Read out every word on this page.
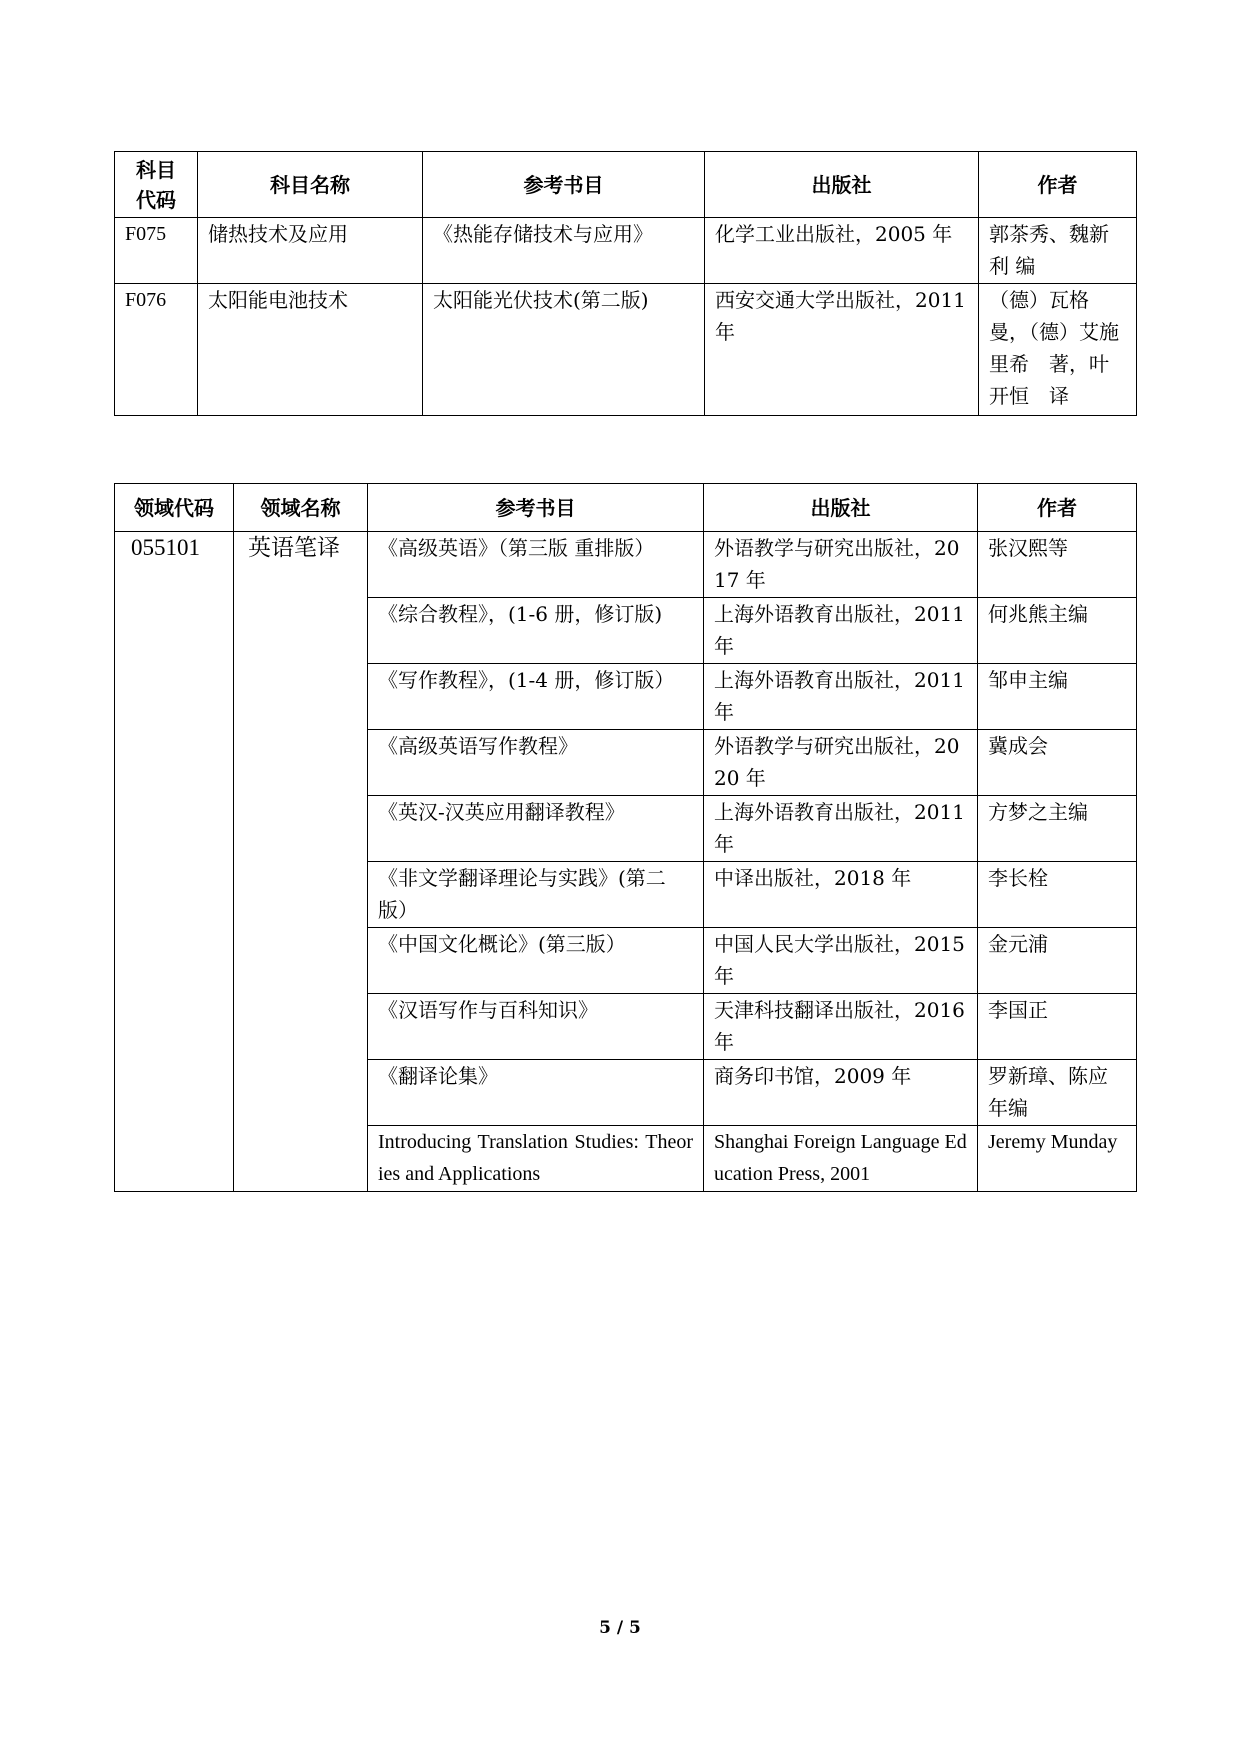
科目代码	科目名称	参考书目	出版社	作者
F075	储热技术及应用	《热能存储技术与应用》	化学工业出版社，2005 年	郭茶秀、魏新利 编
F076	太阳能电池技术	太阳能光伏技术(第二版)	西安交通大学出版社，2011 年	（德）瓦格曼，（德）艾施里希　著，叶开恒　译
领域代码	领域名称	参考书目	出版社	作者
055101	英语笔译	《高级英语》（第三版 重排版）	外语教学与研究出版社，2017 年	张汉熙等
		《综合教程》，(1-6 册，修订版)	上海外语教育出版社，2011 年	何兆熊主编
		《写作教程》，(1-4 册，修订版）	上海外语教育出版社，2011 年	邹申主编
		《高级英语写作教程》	外语教学与研究出版社，2020 年	冀成会
		《英汉-汉英应用翻译教程》	上海外语教育出版社，2011 年	方梦之主编
		《非文学翻译理论与实践》(第二版）	中译出版社，2018 年	李长栓
		《中国文化概论》(第三版）	中国人民大学出版社，2015 年	金元浦
		《汉语写作与百科知识》	天津科技翻译出版社，2016 年	李国正
		《翻译论集》	商务印书馆，2009 年	罗新璋、陈应年编
		Introducing Translation Studies: Theories and Applications	Shanghai Foreign Language Education Press, 2001	Jeremy Munday
5 / 5
